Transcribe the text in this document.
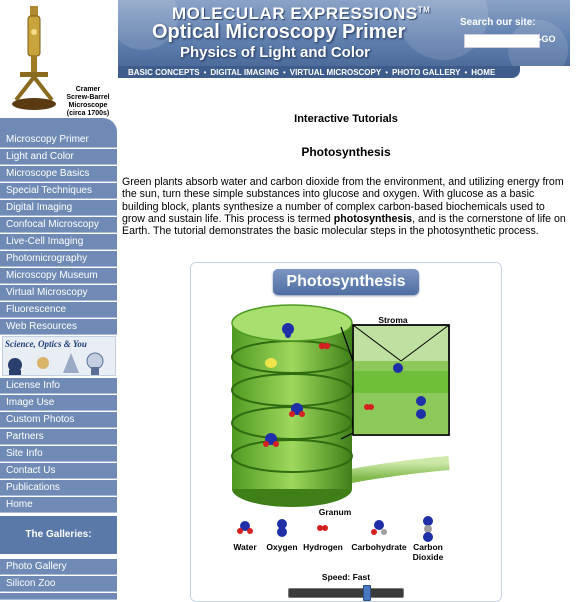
Cramer
Screw-Barrel
Microscope
(circa 1700s)
MOLECULAR EXPRESSIONS™
Optical Microscopy Primer
Physics of Light and Color
Search our site:
▸GO
BASIC CONCEPTS • DIGITAL IMAGING • VIRTUAL MICROSCOPY • PHOTO GALLERY • HOME
Microscopy Primer
Light and Color
Microscope Basics
Special Techniques
Digital Imaging
Confocal Microscopy
Live-Cell Imaging
Photomicrography
Microscopy Museum
Virtual Microscopy
Fluorescence
Web Resources
Science, Optics & You
License Info
Image Use
Custom Photos
Partners
Site Info
Contact Us
Publications
Home
The Galleries:
Photo Gallery
Silicon Zoo
Interactive Tutorials
Photosynthesis
Green plants absorb water and carbon dioxide from the environment, and utilizing energy from the sun, turn these simple substances into glucose and oxygen. With glucose as a basic building block, plants synthesize a number of complex carbon-based biochemicals used to grow and sustain life. This process is termed photosynthesis, and is the cornerstone of life on Earth. The tutorial demonstrates the basic molecular steps in the photosynthetic process.
Photosynthesis
Stroma
Granum
Water	Oxygen Hydrogen	Carbohydrate Carbon
Dioxide
Speed: Fast
